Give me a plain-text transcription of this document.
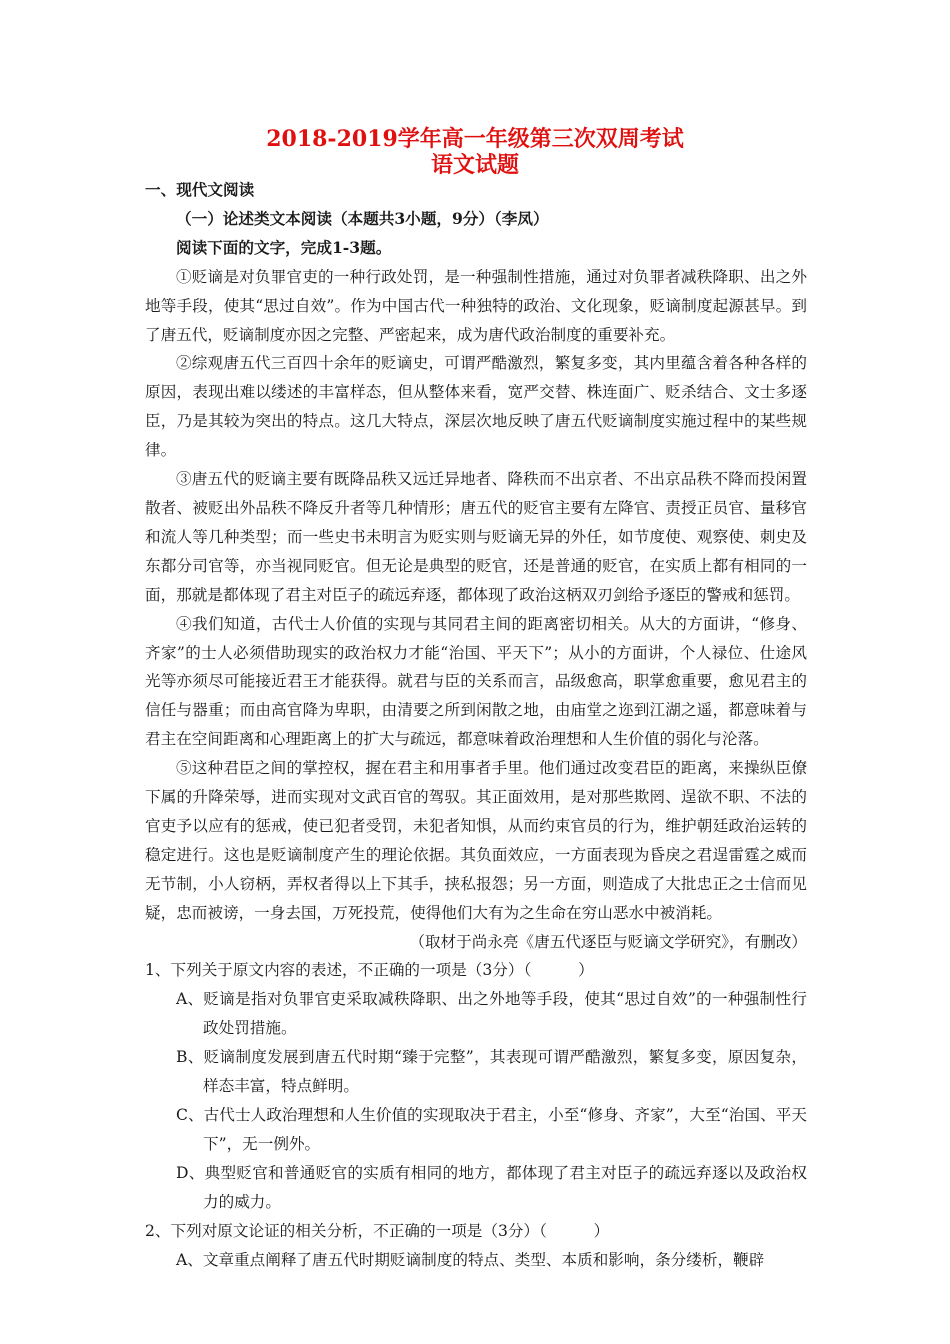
2018-2019学年高一年级第三次双周考试
语文试题

一、现代文阅读

（一）论述类文本阅读（本题共3小题，9分）（李凤）

阅读下面的文字，完成1-3题。

①贬谪是对负罪官吏的一种行政处罚，是一种强制性措施，通过对负罪者减秩降职、出之外地等手段，使其“思过自效”。作为中国古代一种独特的政治、文化现象，贬谪制度起源甚早。到了唐五代，贬谪制度亦因之完整、严密起来，成为唐代政治制度的重要补充。

②综观唐五代三百四十余年的贬谪史，可谓严酷激烈，繁复多变，其内里蕴含着各种各样的原因，表现出难以缕述的丰富样态，但从整体来看，宽严交替、株连面广、贬杀结合、文士多逐臣，乃是其较为突出的特点。这几大特点，深层次地反映了唐五代贬谪制度实施过程中的某些规律。

③唐五代的贬谪主要有既降品秩又远迁异地者、降秩而不出京者、不出京品秩不降而投闲置散者、被贬出外品秩不降反升者等几种情形；唐五代的贬官主要有左降官、责授正员官、量移官和流人等几种类型；而一些史书未明言为贬实则与贬谪无异的外任，如节度使、观察使、刺史及东都分司官等，亦当视同贬官。但无论是典型的贬官，还是普通的贬官，在实质上都有相同的一面，那就是都体现了君主对臣子的疏远弃逐，都体现了政治这柄双刃剑给予逐臣的警戒和惩罚。

④我们知道，古代士人价值的实现与其同君主间的距离密切相关。从大的方面讲，“修身、齐家”的士人必须借助现实的政治权力才能“治国、平天下”；从小的方面讲，个人禄位、仕途风光等亦须尽可能接近君王才能获得。就君与臣的关系而言，品级愈高，职掌愈重要，愈见君主的信任与器重；而由高官降为卑职，由清要之所到闲散之地，由庙堂之迩到江湖之遥，都意味着与君主在空间距离和心理距离上的扩大与疏远，都意味着政治理想和人生价值的弱化与沦落。

⑤这种君臣之间的掌控权，握在君主和用事者手里。他们通过改变君臣的距离，来操纵臣僚下属的升降荣辱，进而实现对文武百官的驾驭。其正面效用，是对那些欺罔、逞欲不职、不法的官吏予以应有的惩戒，使已犯者受罚，未犯者知惧，从而约束官员的行为，维护朝廷政治运转的稳定进行。这也是贬谪制度产生的理论依据。其负面效应，一方面表现为昏戾之君逞雷霆之威而无节制，小人窃柄，弄权者得以上下其手，挟私报怨；另一方面，则造成了大批忠正之士信而见疑，忠而被谤，一身去国，万死投荒，使得他们大有为之生命在穷山恶水中被消耗。

（取材于尚永亮《唐五代逐臣与贬谪文学研究》，有删改）

1、下列关于原文内容的表述，不正确的一项是（3分）（　　　）

A、贬谪是指对负罪官吏采取减秩降职、出之外地等手段，使其“思过自效”的一种强制性行政处罚措施。

B、贬谪制度发展到唐五代时期“臻于完整”，其表现可谓严酷激烈，繁复多变，原因复杂，样态丰富，特点鲜明。

C、古代士人政治理想和人生价值的实现取决于君主，小至“修身、齐家”，大至“治国、平天下”，无一例外。

D、典型贬官和普通贬官的实质有相同的地方，都体现了君主对臣子的疏远弃逐以及政治权力的威力。

2、下列对原文论证的相关分析，不正确的一项是（3分）（　　　）

A、文章重点阐释了唐五代时期贬谪制度的特点、类型、本质和影响，条分缕析，鞭辟
